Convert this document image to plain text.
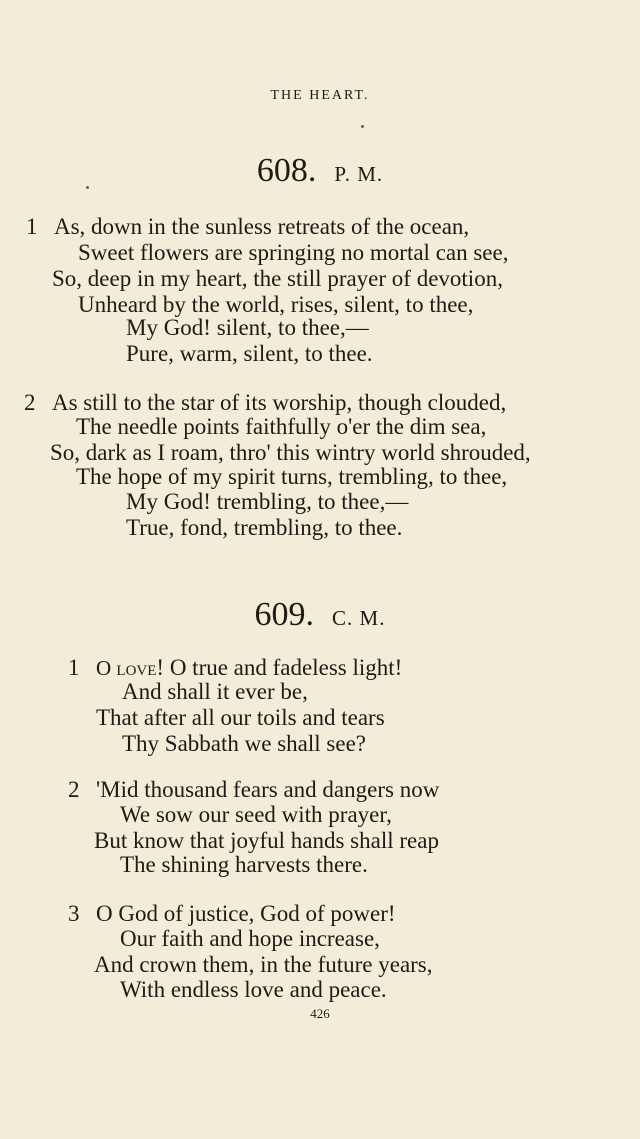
THE HEART.
608. P. M.
1 As, down in the sunless retreats of the ocean,
Sweet flowers are springing no mortal can see,
So, deep in my heart, the still prayer of devotion,
Unheard by the world, rises, silent, to thee,
My God! silent, to thee,—
Pure, warm, silent, to thee.
2 As still to the star of its worship, though clouded,
The needle points faithfully o'er the dim sea,
So, dark as I roam, thro' this wintry world shrouded,
The hope of my spirit turns, trembling, to thee,
My God! trembling, to thee,—
True, fond, trembling, to thee.
609. C. M.
1 O love! O true and fadeless light!
And shall it ever be,
That after all our toils and tears
Thy Sabbath we shall see?
2 'Mid thousand fears and dangers now
We sow our seed with prayer,
But know that joyful hands shall reap
The shining harvests there.
3 O God of justice, God of power!
Our faith and hope increase,
And crown them, in the future years,
With endless love and peace.
426
